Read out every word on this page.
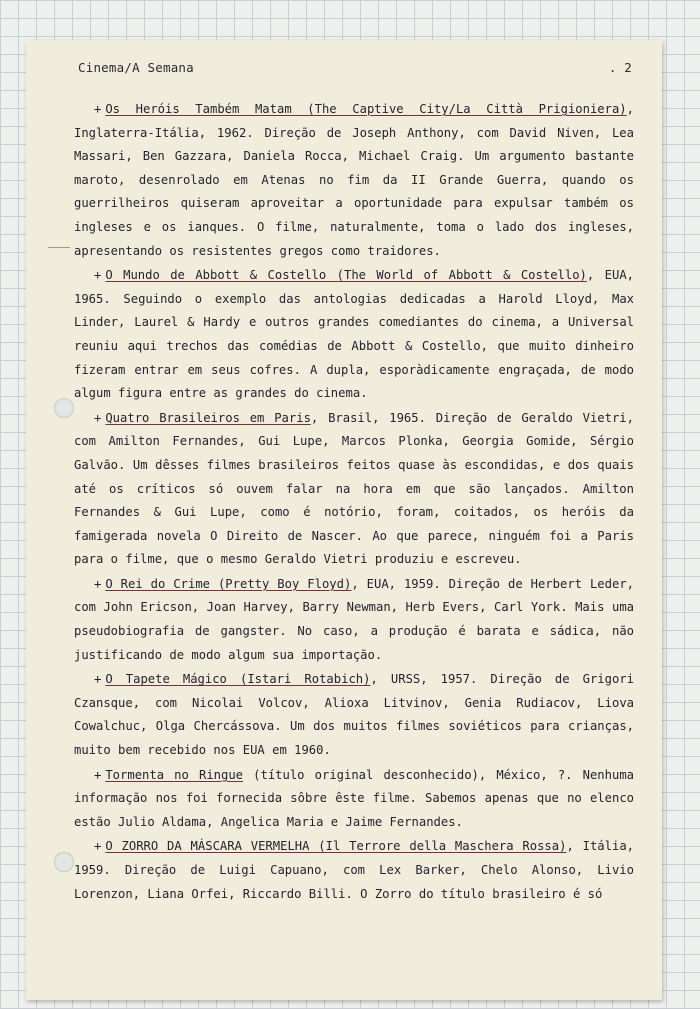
Cinema/A Semana	. 2

+ Os Heróis Também Matam (The Captive City/La Città Prigioniera), Inglaterra-Itália, 1962. Direção de Joseph Anthony, com David Niven, Lea Massari, Ben Gazzara, Daniela Rocca, Michael Craig. Um argumento bastante maroto, desenrolado em Atenas no fim da II Grande Guerra, quando os guerrilheiros quiseram aproveitar a oportunidade para expulsar também os ingleses e os ianques. O filme, naturalmente, toma o lado dos ingleses, apresentando os resistentes gregos como traidores.

+ O Mundo de Abbott & Costello (The World of Abbott & Costello), EUA, 1965. Seguindo o exemplo das antologias dedicadas a Harold Lloyd, Max Linder, Laurel & Hardy e outros grandes comediantes do cinema, a Universal reuniu aqui trechos das comédias de Abbott & Costello, que muito dinheiro fizeram entrar em seus cofres. A dupla, esporàdicamente engraçada, de modo algum figura entre as grandes do cinema.

+ Quatro Brasileiros em Paris, Brasil, 1965. Direção de Geraldo Vietri, com Amilton Fernandes, Gui Lupe, Marcos Plonka, Georgia Gomide, Sérgio Galvão. Um dêsses filmes brasileiros feitos quase às escondidas, e dos quais até os críticos só ouvem falar na hora em que são lançados. Amilton Fernandes & Gui Lupe, como é notório, foram, coitados, os heróis da famigerada novela O Direito de Nascer. Ao que parece, ninguém foi a Paris para o filme, que o mesmo Geraldo Vietri produziu e escreveu.

+ O Rei do Crime (Pretty Boy Floyd), EUA, 1959. Direção de Herbert Leder, com John Ericson, Joan Harvey, Barry Newman, Herb Evers, Carl York. Mais uma pseudobiografia de gangster. No caso, a produção é barata e sádica, não justificando de modo algum sua importação.

+ O Tapete Mágico (Istari Rotabich), URSS, 1957. Direção de Grigori Czansque, com Nicolai Volcov, Alioxa Litvinov, Genia Rudiacov, Liova Cowalchuc, Olga Chercássova. Um dos muitos filmes soviéticos para crianças, muito bem recebido nos EUA em 1960.

+ Tormenta no Ringue (título original desconhecido), México, ?. Nenhuma informação nos foi fornecida sôbre êste filme. Sabemos apenas que no elenco estão Julio Aldama, Angelica Maria e Jaime Fernandes.

+ O ZORRO DA MÁSCARA VERMELHA (Il Terrore della Maschera Rossa), Itália, 1959. Direção de Luigi Capuano, com Lex Barker, Chelo Alonso, Livio Lorenzon, Liana Orfei, Riccardo Billi. O Zorro do título brasileiro é só
